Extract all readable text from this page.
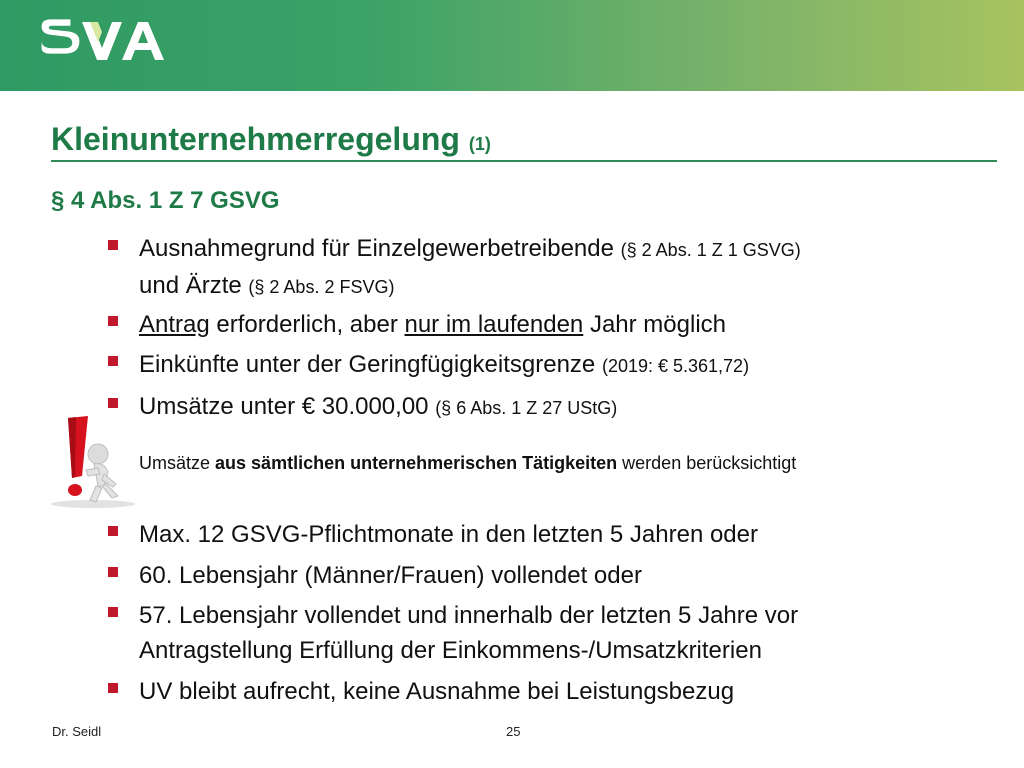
Kleinunternehmerregelung (1)
§ 4 Abs. 1 Z 7 GSVG
Ausnahmegrund für Einzelgewerbetreibende (§ 2 Abs. 1 Z 1 GSVG)
und Ärzte (§ 2 Abs. 2 FSVG)
Antrag erforderlich, aber nur im laufenden Jahr möglich
Einkünfte unter der Geringfügigkeitsgrenze (2019: € 5.361,72)
Umsätze unter € 30.000,00 (§ 6 Abs. 1 Z 27 UStG)
Max. 12 GSVG-Pflichtmonate in den letzten 5 Jahren oder
60. Lebensjahr (Männer/Frauen) vollendet oder
57. Lebensjahr vollendet und innerhalb der letzten 5 Jahre vor
Antragstellung Erfüllung der Einkommens-/Umsatzkriterien
UV bleibt aufrecht, keine Ausnahme bei Leistungsbezug
Umsätze aus sämtlichen unternehmerischen Tätigkeiten werden berücksichtigt
Dr. Seidl	25
